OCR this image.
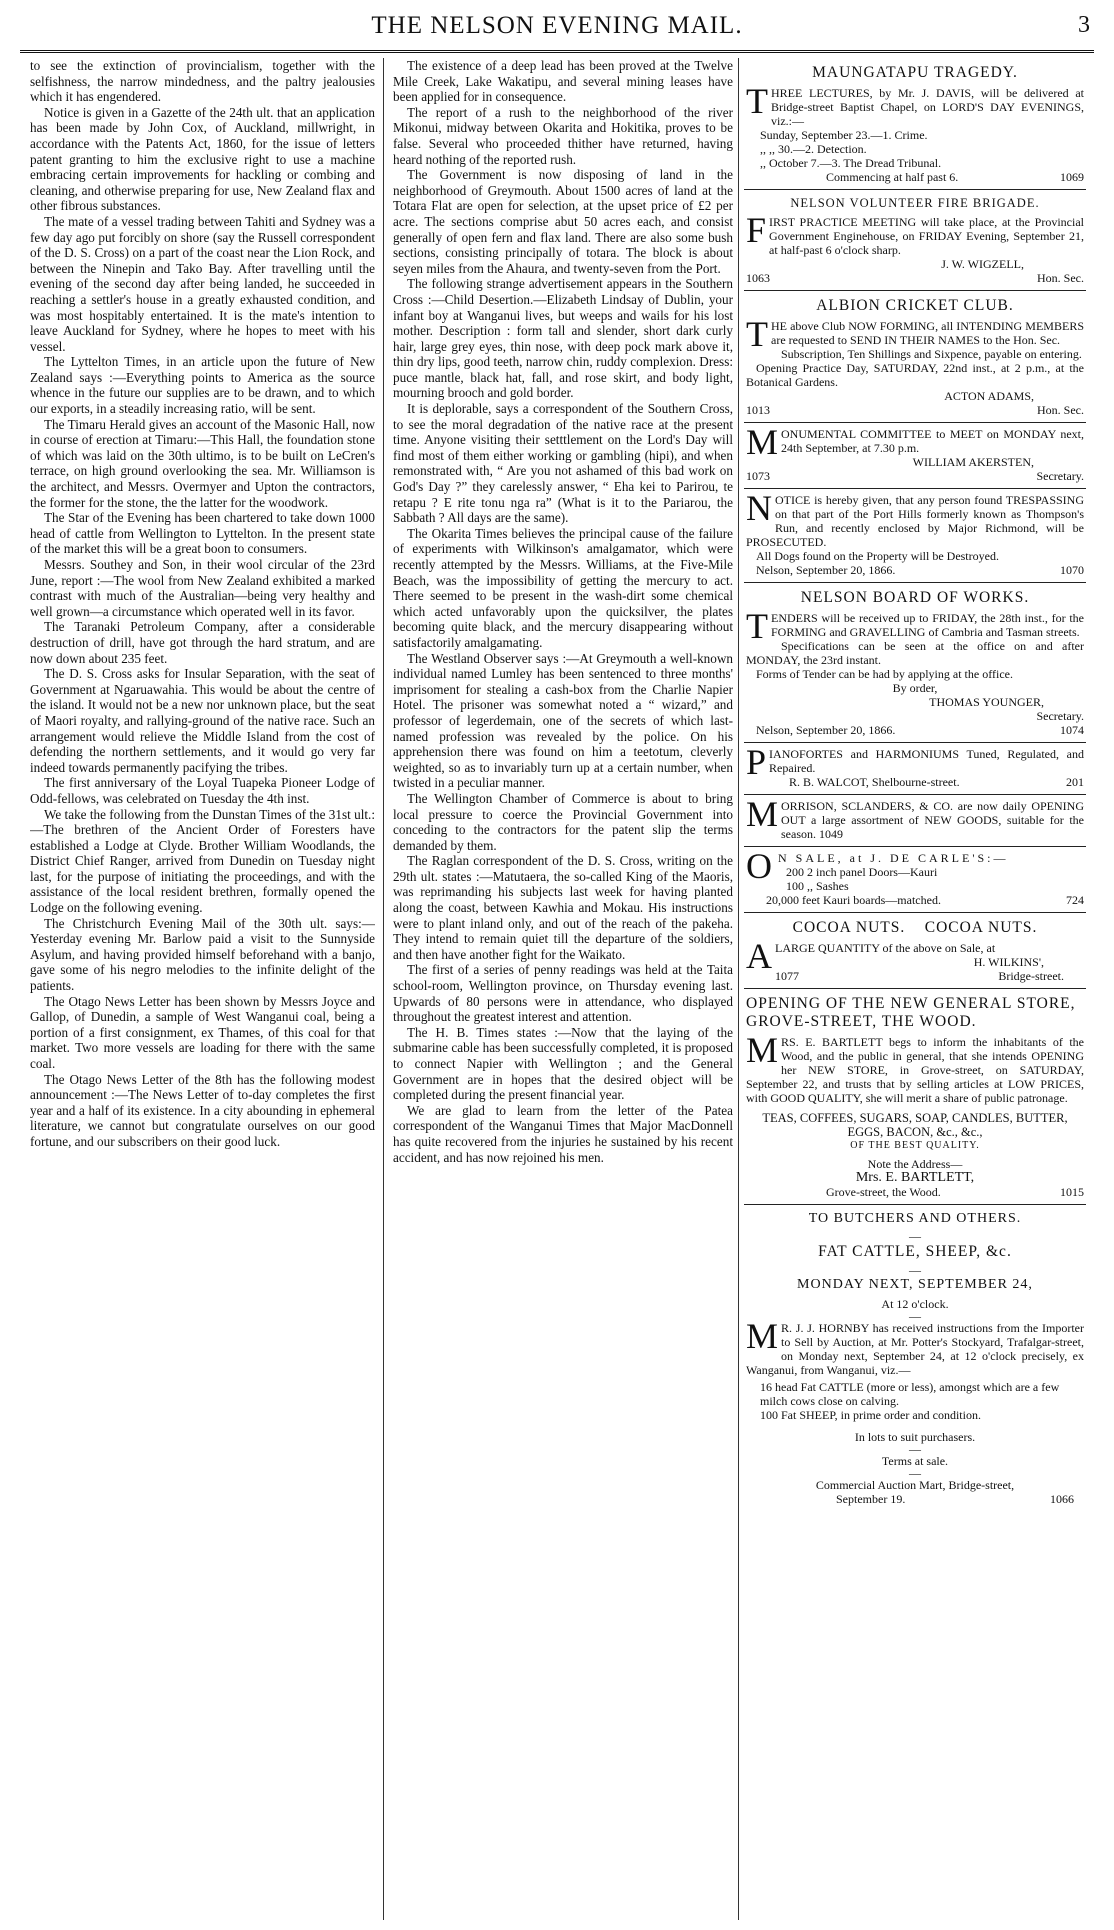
THE NELSON EVENING MAIL.	3

to see the extinction of provincialism, together with the selfishness, the narrow mindedness, and the paltry jealousies which it has engendered.

Notice is given in a Gazette of the 24th ult. that an application has been made by John Cox, of Auckland, millwright, in accordance with the Patents Act, 1860, for the issue of letters patent granting to him the exclusive right to use a machine embracing certain improvements for hackling or combing and cleaning, and otherwise preparing for use, New Zealand flax and other fibrous substances.

The mate of a vessel trading between Tahiti and Sydney was a few day ago put forcibly on shore (say the Russell correspondent of the D. S. Cross) on a part of the coast near the Lion Rock, and between the Ninepin and Tako Bay. After travelling until the evening of the second day after being landed, he succeeded in reaching a settler's house in a greatly exhausted condition, and was most hospitably entertained. It is the mate's intention to leave Auckland for Sydney, where he hopes to meet with his vessel.

The Lyttelton Times, in an article upon the future of New Zealand says :—Everything points to America as the source whence in the future our supplies are to be drawn, and to which our exports, in a steadily increasing ratio, will be sent.

The Timaru Herald gives an account of the Masonic Hall, now in course of erection at Timaru:—This Hall, the foundation stone of which was laid on the 30th ultimo, is to be built on LeCren's terrace, on high ground overlooking the sea. Mr. Williamson is the architect, and Messrs. Overmyer and Upton the contractors, the former for the stone, the the latter for the woodwork.

The Star of the Evening has been chartered to take down 1000 head of cattle from Wellington to Lyttelton. In the present state of the market this will be a great boon to consumers.

Messrs. Southey and Son, in their wool circular of the 23rd June, report :—The wool from New Zealand exhibited a marked contrast with much of the Australian—being very healthy and well grown—a circumstance which operated well in its favor.

The Taranaki Petroleum Company, after a considerable destruction of drill, have got through the hard stratum, and are now down about 235 feet.

The D. S. Cross asks for Insular Separation, with the seat of Government at Ngaruawahia. This would be about the centre of the island. It would not be a new nor unknown place, but the seat of Maori royalty, and rallying-ground of the native race. Such an arrangement would relieve the Middle Island from the cost of defending the northern settlements, and it would go very far indeed towards permanently pacifying the tribes.

The first anniversary of the Loyal Tuapeka Pioneer Lodge of Odd-fellows, was celebrated on Tuesday the 4th inst.

We take the following from the Dunstan Times of the 31st ult.:—The brethren of the Ancient Order of Foresters have established a Lodge at Clyde. Brother William Woodlands, the District Chief Ranger, arrived from Dunedin on Tuesday night last, for the purpose of initiating the proceedings, and with the assistance of the local resident brethren, formally opened the Lodge on the following evening.

The Christchurch Evening Mail of the 30th ult. says:—Yesterday evening Mr. Barlow paid a visit to the Sunnyside Asylum, and having provided himself beforehand with a banjo, gave some of his negro melodies to the infinite delight of the patients.

The Otago News Letter has been shown by Messrs Joyce and Gallop, of Dunedin, a sample of West Wanganui coal, being a portion of a first consignment, ex Thames, of this coal for that market. Two more vessels are loading for there with the same coal.

The Otago News Letter of the 8th has the following modest announcement :—The News Letter of to-day completes the first year and a half of its existence. In a city abounding in ephemeral literature, we cannot but congratulate ourselves on our good fortune, and our subscribers on their good luck.

The existence of a deep lead has been proved at the Twelve Mile Creek, Lake Wakatipu, and several mining leases have been applied for in consequence.

The report of a rush to the neighborhood of the river Mikonui, midway between Okarita and Hokitika, proves to be false. Several who proceeded thither have returned, having heard nothing of the reported rush.

The Government is now disposing of land in the neighborhood of Greymouth. About 1500 acres of land at the Totara Flat are open for selection, at the upset price of £2 per acre. The sections comprise abut 50 acres each, and consist generally of open fern and flax land. There are also some bush sections, consisting principally of totara. The block is about seyen miles from the Ahaura, and twenty-seven from the Port.

The following strange advertisement appears in the Southern Cross :—Child Desertion.—Elizabeth Lindsay of Dublin, your infant boy at Wanganui lives, but weeps and wails for his lost mother. Description : form tall and slender, short dark curly hair, large grey eyes, thin nose, with deep pock mark above it, thin dry lips, good teeth, narrow chin, ruddy complexion. Dress: puce mantle, black hat, fall, and rose skirt, and body light, mourning brooch and gold border.

It is deplorable, says a correspondent of the Southern Cross, to see the moral degradation of the native race at the present time. Anyone visiting their setttlement on the Lord's Day will find most of them either working or gambling (hipi), and when remonstrated with, “ Are you not ashamed of this bad work on God's Day ?” they carelessly answer, “ Eha kei to Parirou, te retapu ? E rite tonu nga ra” (What is it to the Pariarou, the Sabbath ? All days are the same).

The Okarita Times believes the principal cause of the failure of experiments with Wilkinson's amalgamator, which were recently attempted by the Messrs. Williams, at the Five-Mile Beach, was the impossibility of getting the mercury to act. There seemed to be present in the wash-dirt some chemical which acted unfavorably upon the quicksilver, the plates becoming quite black, and the mercury disappearing without satisfactorily amalgamating.

The Westland Observer says :—At Greymouth a well-known individual named Lumley has been sentenced to three months' imprisoment for stealing a cash-box from the Charlie Napier Hotel. The prisoner was somewhat noted a “ wizard,” and professor of legerdemain, one of the secrets of which last-named profession was revealed by the police. On his apprehension there was found on him a teetotum, cleverly weighted, so as to invariably turn up at a certain number, when twisted in a peculiar manner.

The Wellington Chamber of Commerce is about to bring local pressure to coerce the Provincial Government into conceding to the contractors for the patent slip the terms demanded by them.

The Raglan correspondent of the D. S. Cross, writing on the 29th ult. states :—Matutaera, the so-called King of the Maoris, was reprimanding his subjects last week for having planted along the coast, between Kawhia and Mokau. His instructions were to plant inland only, and out of the reach of the pakeha. They intend to remain quiet till the departure of the soldiers, and then have another fight for the Waikato.

The first of a series of penny readings was held at the Taita school-room, Wellington province, on Thursday evening last. Upwards of 80 persons were in attendance, who displayed throughout the greatest interest and attention.

The H. B. Times states :—Now that the laying of the submarine cable has been successfully completed, it is proposed to connect Napier with Wellington ; and the General Government are in hopes that the desired object will be completed during the present financial year.

We are glad to learn from the letter of the Patea correspondent of the Wanganui Times that Major MacDonnell has quite recovered from the injuries he sustained by his recent accident, and has now rejoined his men.

MAUNGATAPU TRAGEDY.

THREE LECTURES, by Mr. J. DAVIS, will be delivered at Bridge-street Baptist Chapel, on LORD'S DAY EVENINGS, viz.:—

Sunday, September 23.—1. Crime.
,, ,, 30.—2. Detection.
,, October 7.—3. The Dread Tribunal.
Commencing at half past 6.	1069
NELSON VOLUNTEER FIRE BRIGADE.

FIRST PRACTICE MEETING will take place, at the Provincial Government Enginehouse, on FRIDAY Evening, September 21, at half-past 6 o'clock sharp.

J. W. WIGZELL,
1063	Hon. Sec.
ALBION CRICKET CLUB.

THE above Club NOW FORMING, all INTENDING MEMBERS are requested to SEND IN THEIR NAMES to the Hon. Sec.

Subscription, Ten Shillings and Sixpence, payable on entering.

Opening Practice Day, SATURDAY, 22nd inst., at 2 p.m., at the Botanical Gardens.

ACTON ADAMS,
1013	Hon. Sec.

MONUMENTAL COMMITTEE to MEET on MONDAY next, 24th September, at 7.30 p.m.

WILLIAM AKERSTEN,
1073	Secretary.

NOTICE is hereby given, that any person found TRESPASSING on that part of the Port Hills formerly known as Thompson's Run, and recently enclosed by Major Richmond, will be PROSECUTED.

All Dogs found on the Property will be Destroyed.

Nelson, September 20, 1866.	1070
NELSON BOARD OF WORKS.

TENDERS will be received up to FRIDAY, the 28th inst., for the FORMING and GRAVELLING of Cambria and Tasman streets.

Specifications can be seen at the office on and after MONDAY, the 23rd instant.

Forms of Tender can be had by applying at the office.

By order,
THOMAS YOUNGER,
Secretary.
Nelson, September 20, 1866.	1074

PIANOFORTES and HARMONIUMS Tuned, Regulated, and Repaired.

R. B. WALCOT, Shelbourne-street.	201

MORRISON, SCLANDERS, & CO. are now daily OPENING OUT a large assortment of NEW GOODS, suitable for the season. 1049

O N SALE, at J. DE CARLE'S:—

200 2 inch panel Doors—Kauri
100 ,, Sashes
20,000 feet Kauri boards—matched.	724
COCOA NUTS.    COCOA NUTS.

ALARGE QUANTITY of the above on Sale, at

H. WILKINS',
1077	Bridge-street.
OPENING OF THE NEW GENERAL STORE, GROVE-STREET, THE WOOD.

MRS. E. BARTLETT begs to inform the inhabitants of the Wood, and the public in general, that she intends OPENING her NEW STORE, in Grove-street, on SATURDAY, September 22, and trusts that by selling articles at LOW PRICES, with GOOD QUALITY, she will merit a share of public patronage.

TEAS, COFFEES, SUGARS, SOAP, CANDLES, BUTTER, EGGS, BACON, &c., &c.,
OF THE BEST QUALITY.
Note the Address—
Mrs. E. BARTLETT,
Grove-street, the Wood.	1015
TO BUTCHERS AND OTHERS.
—
FAT CATTLE, SHEEP, &c.
—
MONDAY NEXT, SEPTEMBER 24,
At 12 o'clock.
—

M R. J. J. HORNBY has received instructions from the Importer to Sell by Auction, at Mr. Potter's Stockyard, Trafalgar-street, on Monday next, September 24, at 12 o'clock precisely, ex Wanganui, from Wanganui, viz.—

16 head Fat CATTLE (more or less), amongst which are a few milch cows close on calving.
100 Fat SHEEP, in prime order and condition.
In lots to suit purchasers.
—
Terms at sale.
—
Commercial Auction Mart, Bridge-street,
September 19.	1066
